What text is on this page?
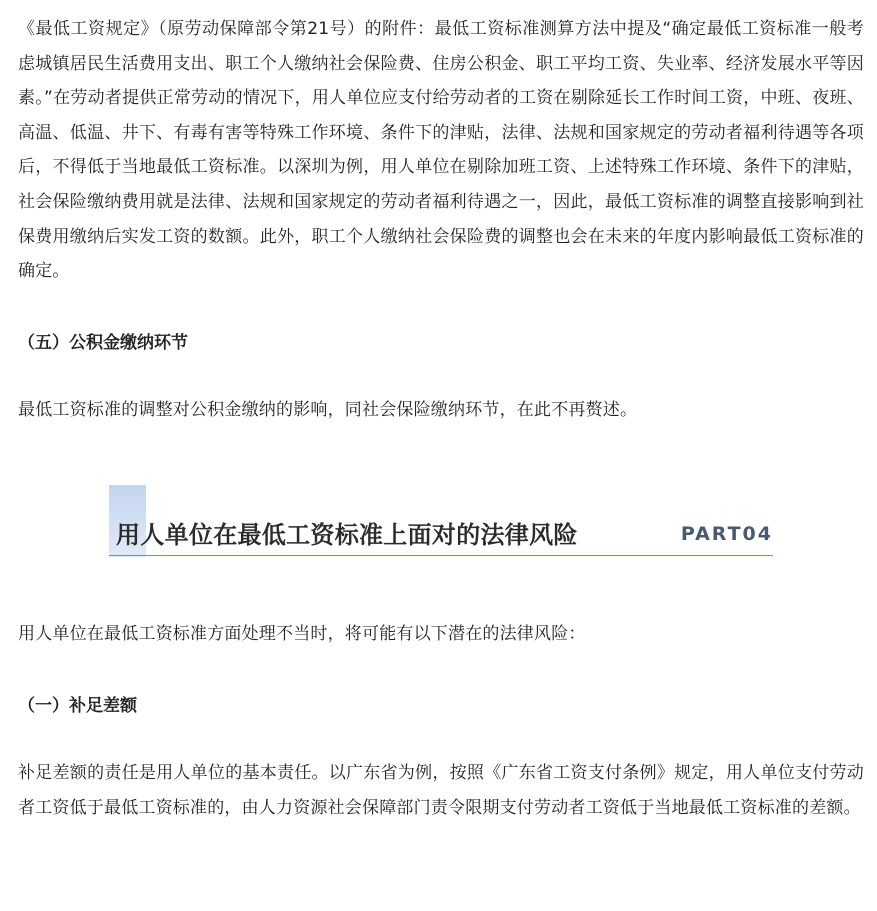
《最低工资规定》（原劳动保障部令第21号）的附件：最低工资标准测算方法中提及“确定最低工资标准一般考虑城镇居民生活费用支出、职工个人缴纳社会保险费、住房公积金、职工平均工资、失业率、经济发展水平等因素。”在劳动者提供正常劳动的情况下，用人单位应支付给劳动者的工资在剔除延长工作时间工资，中班、夜班、高温、低温、井下、有毒有害等特殊工作环境、条件下的津贴，法律、法规和国家规定的劳动者福利待遇等各项后，不得低于当地最低工资标准。以深圳为例，用人单位在剔除加班工资、上述特殊工作环境、条件下的津贴，社会保险缴纳费用就是法律、法规和国家规定的劳动者福利待遇之一，因此，最低工资标准的调整直接影响到社保费用缴纳后实发工资的数额。此外，职工个人缴纳社会保险费的调整也会在未来的年度内影响最低工资标准的确定。

（五）公积金缴纳环节

最低工资标准的调整对公积金缴纳的影响，同社会保险缴纳环节，在此不再赘述。

用人单位在最低工资标准上面对的法律风险	PART04

用人单位在最低工资标准方面处理不当时，将可能有以下潜在的法律风险：

（一）补足差额

补足差额的责任是用人单位的基本责任。以广东省为例，按照《广东省工资支付条例》规定，用人单位支付劳动者工资低于最低工资标准的，由人力资源社会保障部门责令限期支付劳动者工资低于当地最低工资标准的差额。
